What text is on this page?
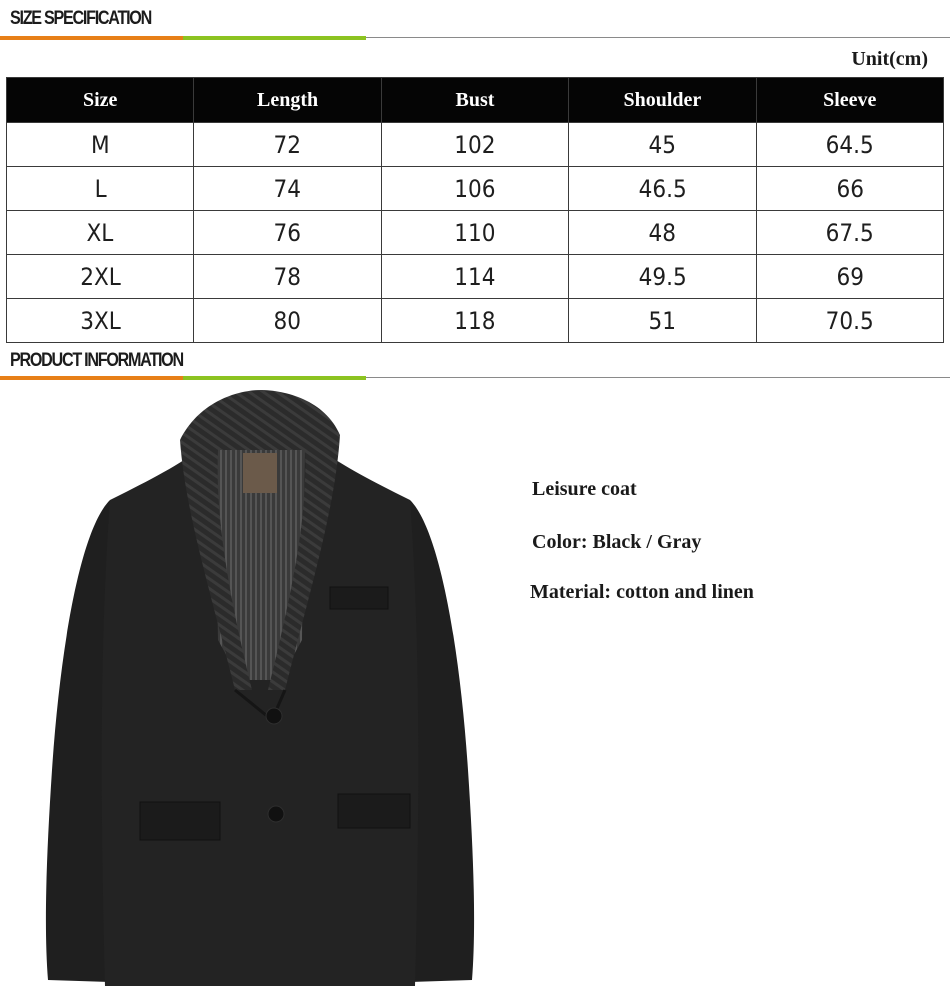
SIZE SPECIFICATION
Unit(cm)
Size	Length	Bust	Shoulder	Sleeve
M	72	102	45	64.5
L	74	106	46.5	66
XL	76	110	48	67.5
2XL	78	114	49.5	69
3XL	80	118	51	70.5
PRODUCT INFORMATION
Leisure coat
Color: Black / Gray
Material: cotton and linen
